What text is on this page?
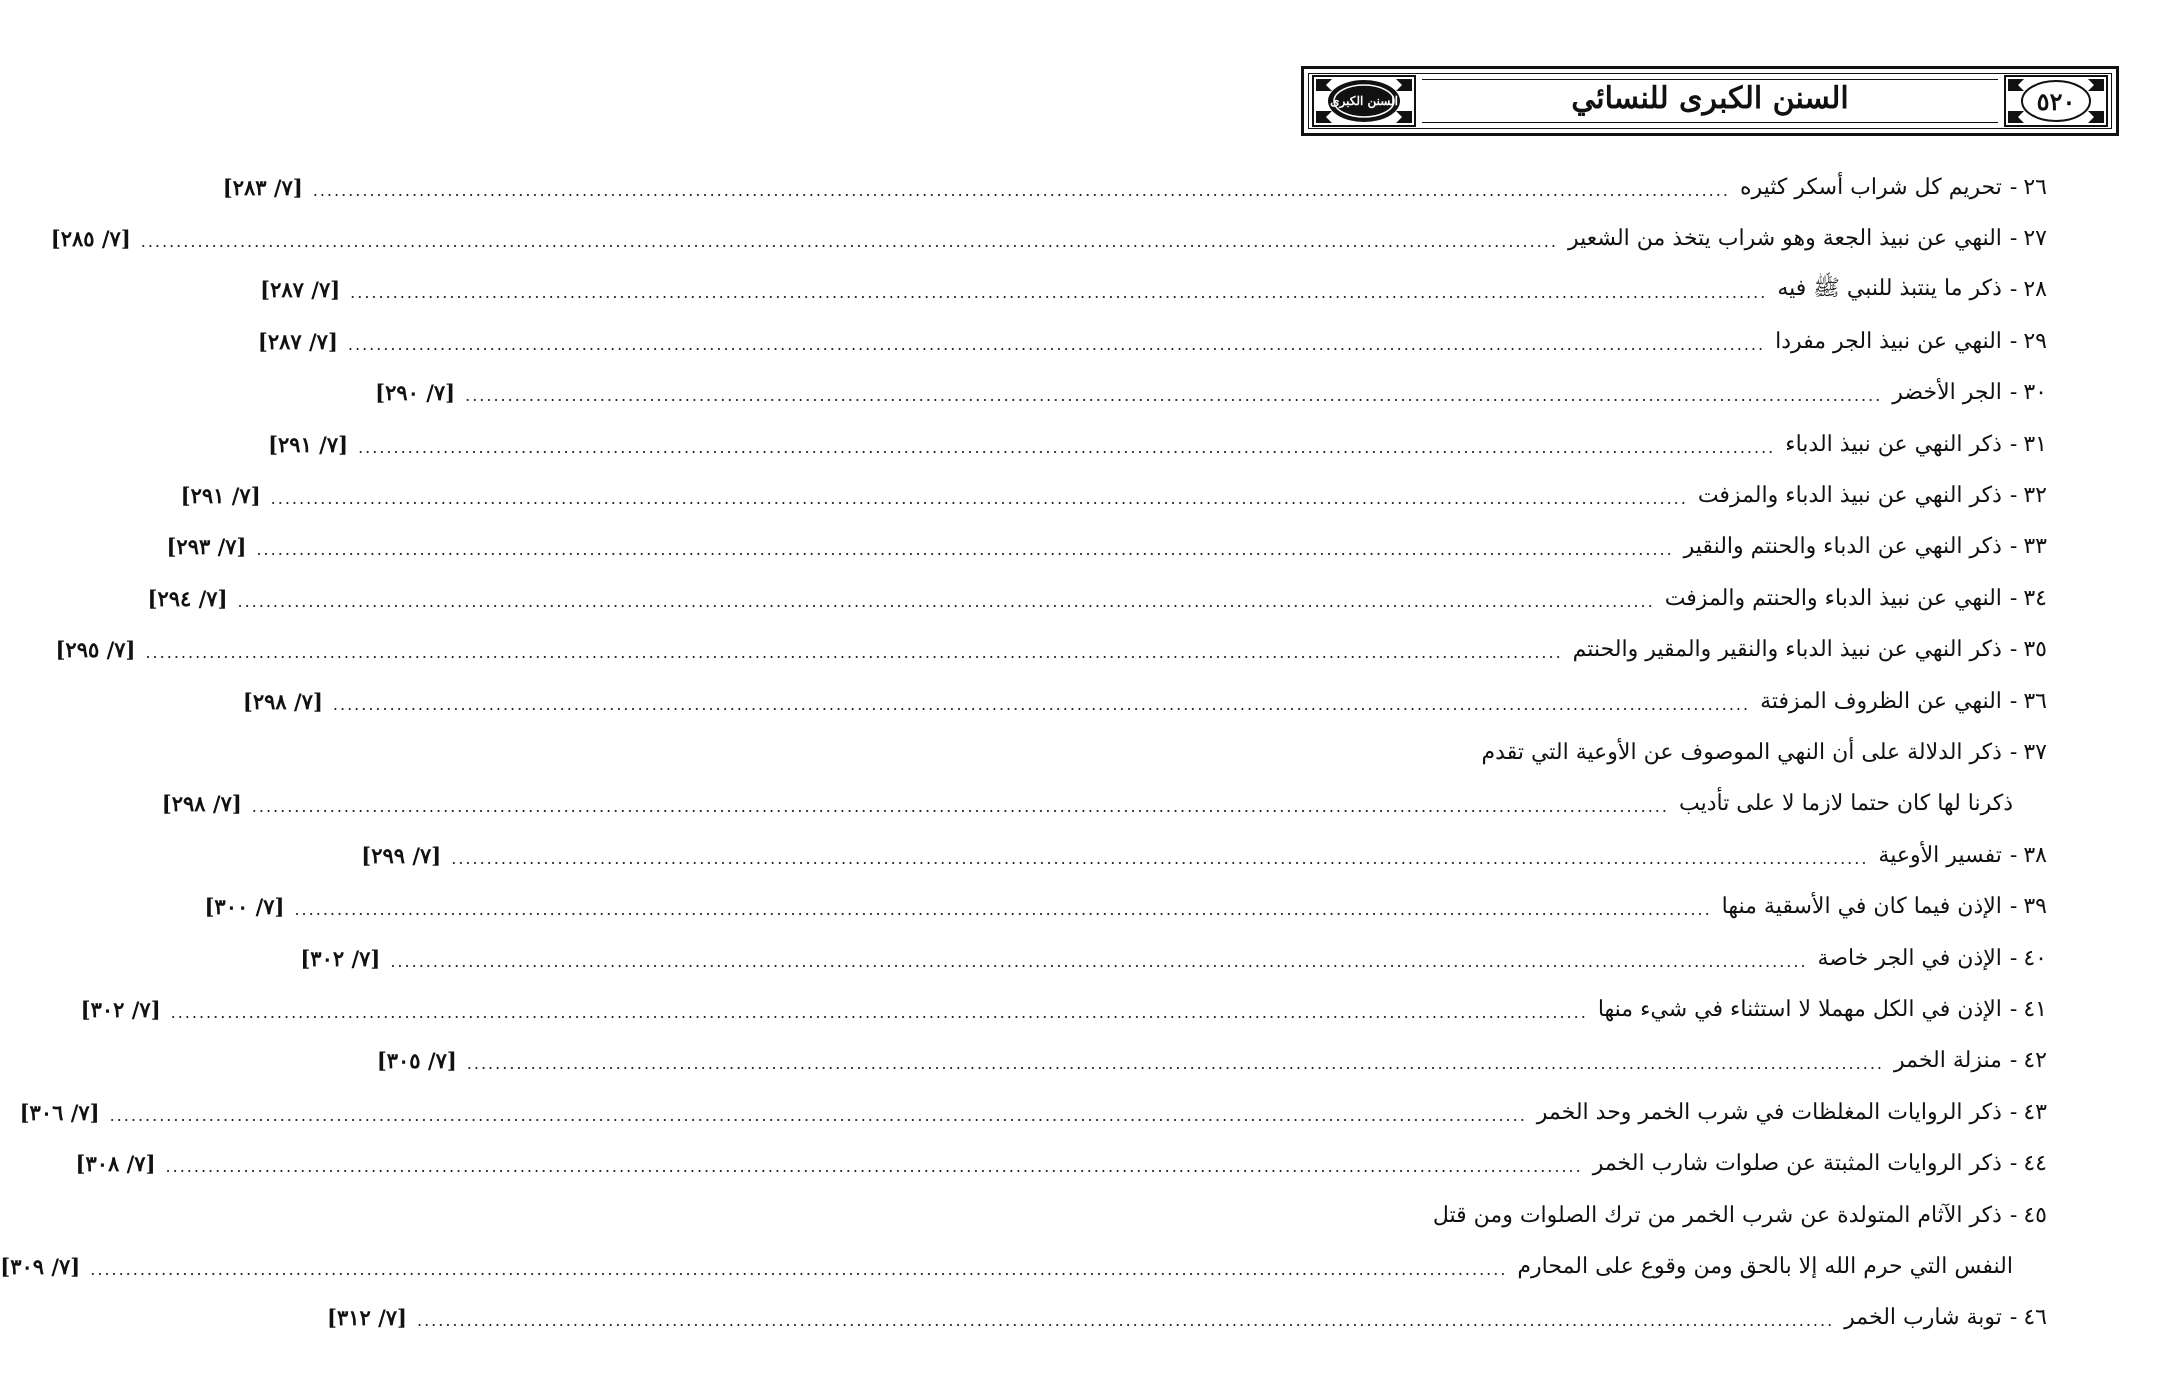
٥٢٠
السنن الكبرى	السنن الكبرى للنسائي
٢٦
-
تحريم كل شراب أسكر كثيره
........................................................................................................................................................................................................
[٧/ ٢٨٣]
٢٧
-
النهي عن نبيذ الجعة وهو شراب يتخذ من الشعير
........................................................................................................................................................................................................
[٧/ ٢٨٥]
٢٨
-
ذكر ما ينتبذ للنبي ﷺ فيه
........................................................................................................................................................................................................
[٧/ ٢٨٧]
٢٩
-
النهي عن نبيذ الجر مفردا
........................................................................................................................................................................................................
[٧/ ٢٨٧]
٣٠
-
الجر الأخضر
........................................................................................................................................................................................................
[٧/ ٢٩٠]
٣١
-
ذكر النهي عن نبيذ الدباء
........................................................................................................................................................................................................
[٧/ ٢٩١]
٣٢
-
ذكر النهي عن نبيذ الدباء والمزفت
........................................................................................................................................................................................................
[٧/ ٢٩١]
٣٣
-
ذكر النهي عن الدباء والحنتم والنقير
........................................................................................................................................................................................................
[٧/ ٢٩٣]
٣٤
-
النهي عن نبيذ الدباء والحنتم والمزفت
........................................................................................................................................................................................................
[٧/ ٢٩٤]
٣٥
-
ذكر النهي عن نبيذ الدباء والنقير والمقير والحنتم
........................................................................................................................................................................................................
[٧/ ٢٩٥]
٣٦
-
النهي عن الظروف المزفتة
........................................................................................................................................................................................................
[٧/ ٢٩٨]
٣٧
-
ذكر الدلالة على أن النهي الموصوف عن الأوعية التي تقدم
ذكرنا لها كان حتما لازما لا على تأديب
........................................................................................................................................................................................................
[٧/ ٢٩٨]
٣٨
-
تفسير الأوعية
........................................................................................................................................................................................................
[٧/ ٢٩٩]
٣٩
-
الإذن فيما كان في الأسقية منها
........................................................................................................................................................................................................
[٧/ ٣٠٠]
٤٠
-
الإذن في الجر خاصة
........................................................................................................................................................................................................
[٧/ ٣٠٢]
٤١
-
الإذن في الكل مهملا لا استثناء في شيء منها
........................................................................................................................................................................................................
[٧/ ٣٠٢]
٤٢
-
منزلة الخمر
........................................................................................................................................................................................................
[٧/ ٣٠٥]
٤٣
-
ذكر الروايات المغلظات في شرب الخمر وحد الخمر
........................................................................................................................................................................................................
[٧/ ٣٠٦]
٤٤
-
ذكر الروايات المثبتة عن صلوات شارب الخمر
........................................................................................................................................................................................................
[٧/ ٣٠٨]
٤٥
-
ذكر الآثام المتولدة عن شرب الخمر من ترك الصلوات ومن قتل
النفس التي حرم الله إلا بالحق ومن وقوع على المحارم
........................................................................................................................................................................................................
[٧/ ٣٠٩]
٤٦
-
توبة شارب الخمر
........................................................................................................................................................................................................
[٧/ ٣١٢]
